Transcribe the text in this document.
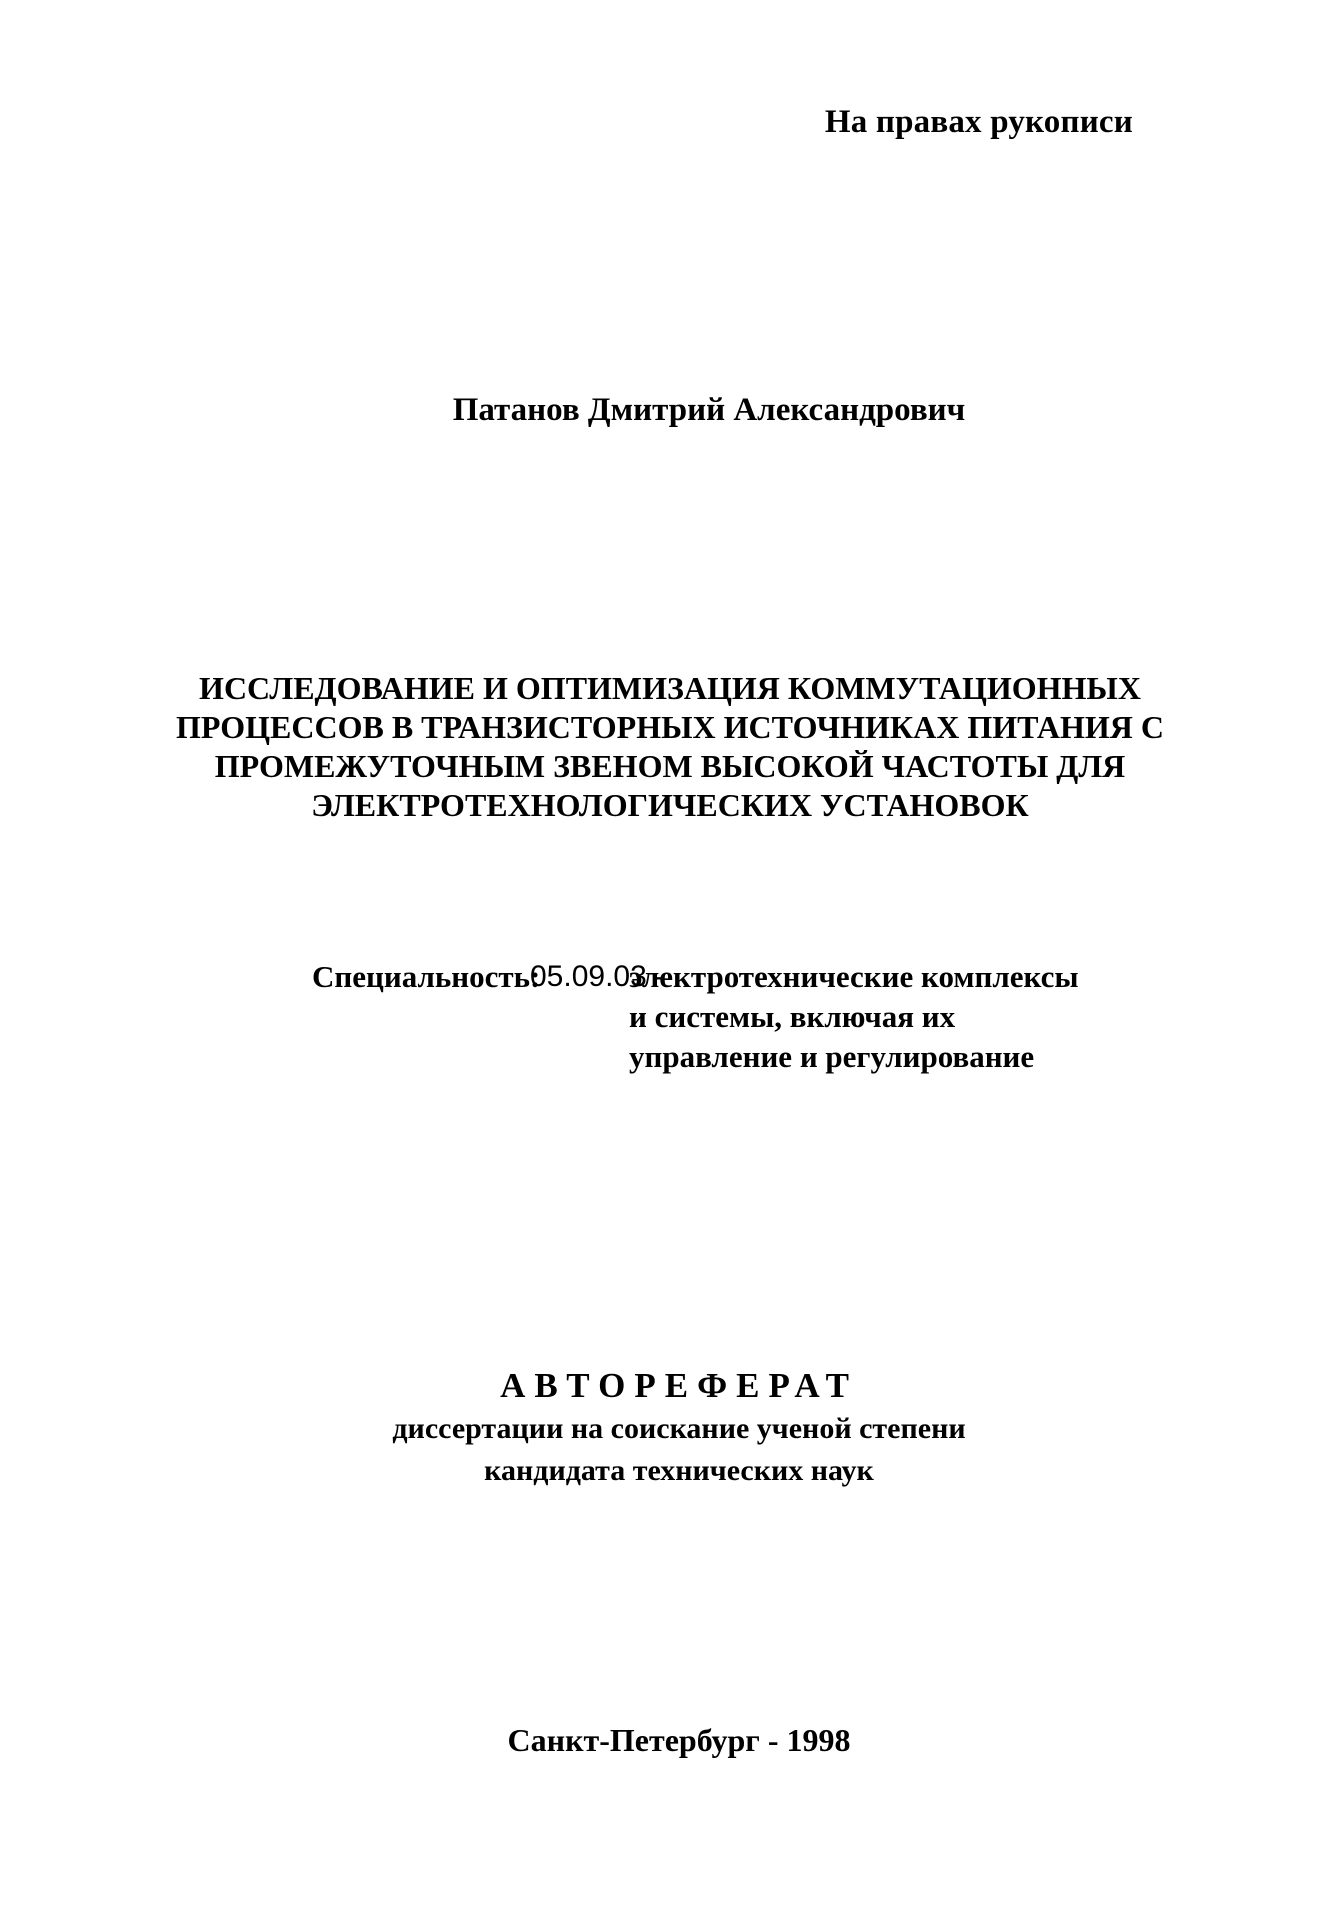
На правах рукописи
Патанов Дмитрий Александрович
ИССЛЕДОВАНИЕ И ОПТИМИЗАЦИЯ КОММУТАЦИОННЫХ
ПРОЦЕССОВ В ТРАНЗИСТОРНЫХ ИСТОЧНИКАХ ПИТАНИЯ С
ПРОМЕЖУТОЧНЫМ ЗВЕНОМ ВЫСОКОЙ ЧАСТОТЫ ДЛЯ
ЭЛЕКТРОТЕХНОЛОГИЧЕСКИХ УСТАНОВОК
Специальность:
05.09.03 -
электротехнические комплексы
и системы, включая их
управление и регулирование
АВТОРЕФЕРАТ
диссертации на соискание ученой степени
кандидата технических наук
Санкт-Петербург - 1998
